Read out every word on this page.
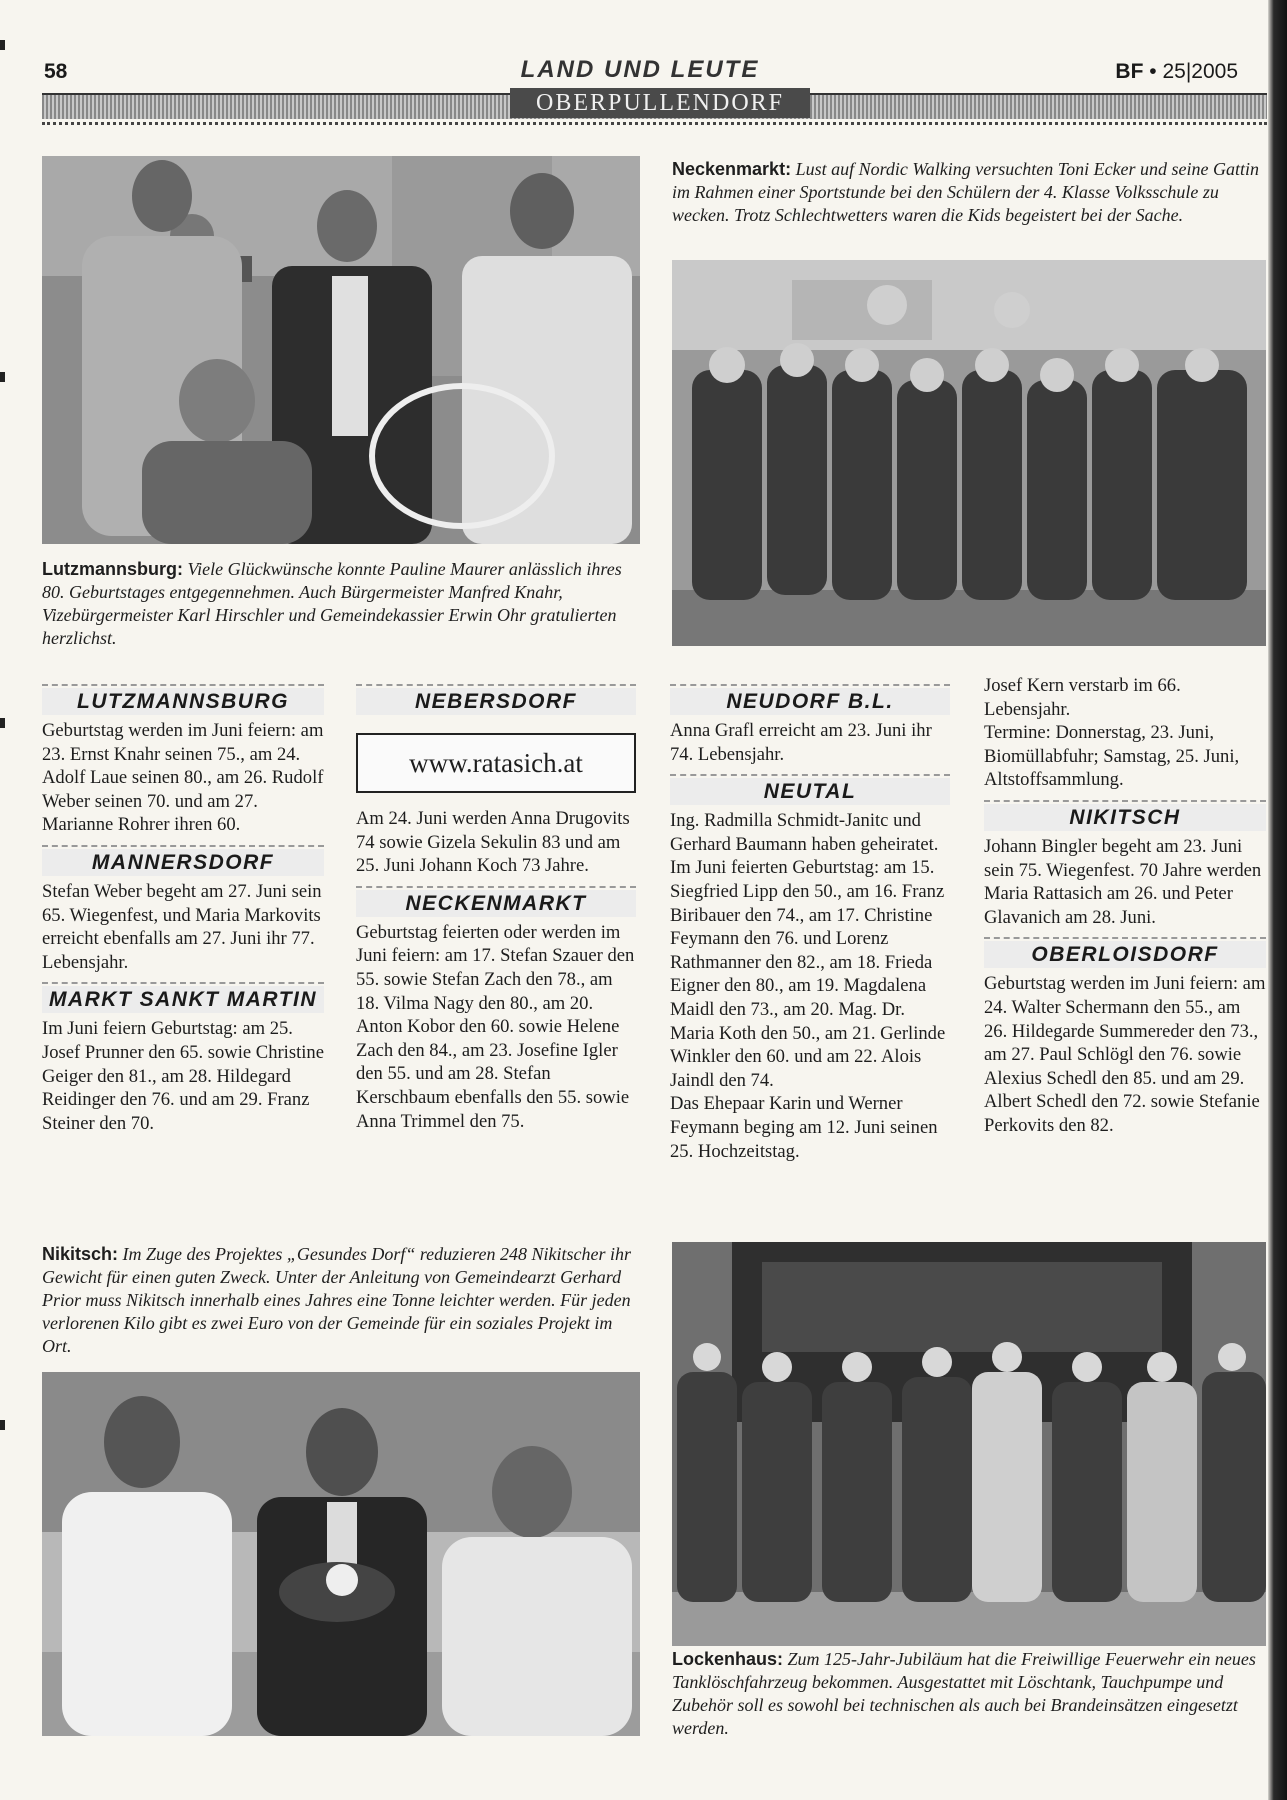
58	LAND UND LEUTE	BF • 25|2005
OBERPULLENDORF
Neckenmarkt: Lust auf Nordic Walking versuchten Toni Ecker und seine Gattin im Rahmen einer Sportstunde bei den Schülern der 4. Klasse Volksschule zu wecken. Trotz Schlechtwetters waren die Kids begeistert bei der Sache.
Lutzmannsburg: Viele Glückwünsche konnte Pauline Maurer anlässlich ihres 80. Geburtstages entgegennehmen. Auch Bürgermeister Manfred Knahr, Vizebürgermeister Karl Hirschler und Gemeindekassier Erwin Ohr gratulierten herzlichst.
LUTZMANNSBURG

Geburtstag werden im Juni feiern: am 23. Ernst Knahr seinen 75., am 24. Adolf Laue seinen 80., am 26. Rudolf Weber seinen 70. und am 27. Marianne Rohrer ihren 60.

MANNERSDORF

Stefan Weber begeht am 27. Juni sein 65. Wiegenfest, und Maria Markovits erreicht ebenfalls am 27. Juni ihr 77. Lebensjahr.

MARKT SANKT MARTIN

Im Juni feiern Geburtstag: am 25. Josef Prunner den 65. sowie Christine Geiger den 81., am 28. Hildegard Reidinger den 76. und am 29. Franz Steiner den 70.

NEBERSDORF
www.ratasich.at

Am 24. Juni werden Anna Drugovits 74 sowie Gizela Sekulin 83 und am 25. Juni Johann Koch 73 Jahre.

NECKENMARKT

Geburtstag feierten oder werden im Juni feiern: am 17. Stefan Szauer den 55. sowie Stefan Zach den 78., am 18. Vilma Nagy den 80., am 20. Anton Kobor den 60. sowie Helene Zach den 84., am 23. Josefine Igler den 55. und am 28. Stefan Kerschbaum ebenfalls den 55. sowie Anna Trimmel den 75.

NEUDORF B.L.

Anna Grafl erreicht am 23. Juni ihr 74. Lebensjahr.

NEUTAL

Ing. Radmilla Schmidt-Janitc und Gerhard Baumann haben geheiratet.
Im Juni feierten Geburtstag: am 15. Siegfried Lipp den 50., am 16. Franz Biribauer den 74., am 17. Christine Feymann den 76. und Lorenz Rathmanner den 82., am 18. Frieda Eigner den 80., am 19. Magdalena Maidl den 73., am 20. Mag. Dr. Maria Koth den 50., am 21. Gerlinde Winkler den 60. und am 22. Alois Jaindl den 74.
Das Ehepaar Karin und Werner Feymann beging am 12. Juni seinen 25. Hochzeitstag.

Josef Kern verstarb im 66. Lebensjahr.
Termine: Donnerstag, 23. Juni, Biomüllabfuhr; Samstag, 25. Juni, Altstoffsammlung.

NIKITSCH

Johann Bingler begeht am 23. Juni sein 75. Wiegenfest. 70 Jahre werden Maria Rattasich am 26. und Peter Glavanich am 28. Juni.

OBERLOISDORF

Geburtstag werden im Juni feiern: am 24. Walter Schermann den 55., am 26. Hildegarde Summereder den 73., am 27. Paul Schlögl den 76. sowie Alexius Schedl den 85. und am 29. Albert Schedl den 72. sowie Stefanie Perkovits den 82.

Nikitsch: Im Zuge des Projektes „Gesundes Dorf“ reduzieren 248 Nikitscher ihr Gewicht für einen guten Zweck. Unter der Anleitung von Gemeindearzt Gerhard Prior muss Nikitsch innerhalb eines Jahres eine Tonne leichter werden. Für jeden verlorenen Kilo gibt es zwei Euro von der Gemeinde für ein soziales Projekt im Ort.
Lockenhaus: Zum 125-Jahr-Jubiläum hat die Freiwillige Feuerwehr ein neues Tanklöschfahrzeug bekommen. Ausgestattet mit Löschtank, Tauchpumpe und Zubehör soll es sowohl bei technischen als auch bei Brandeinsätzen eingesetzt werden.
